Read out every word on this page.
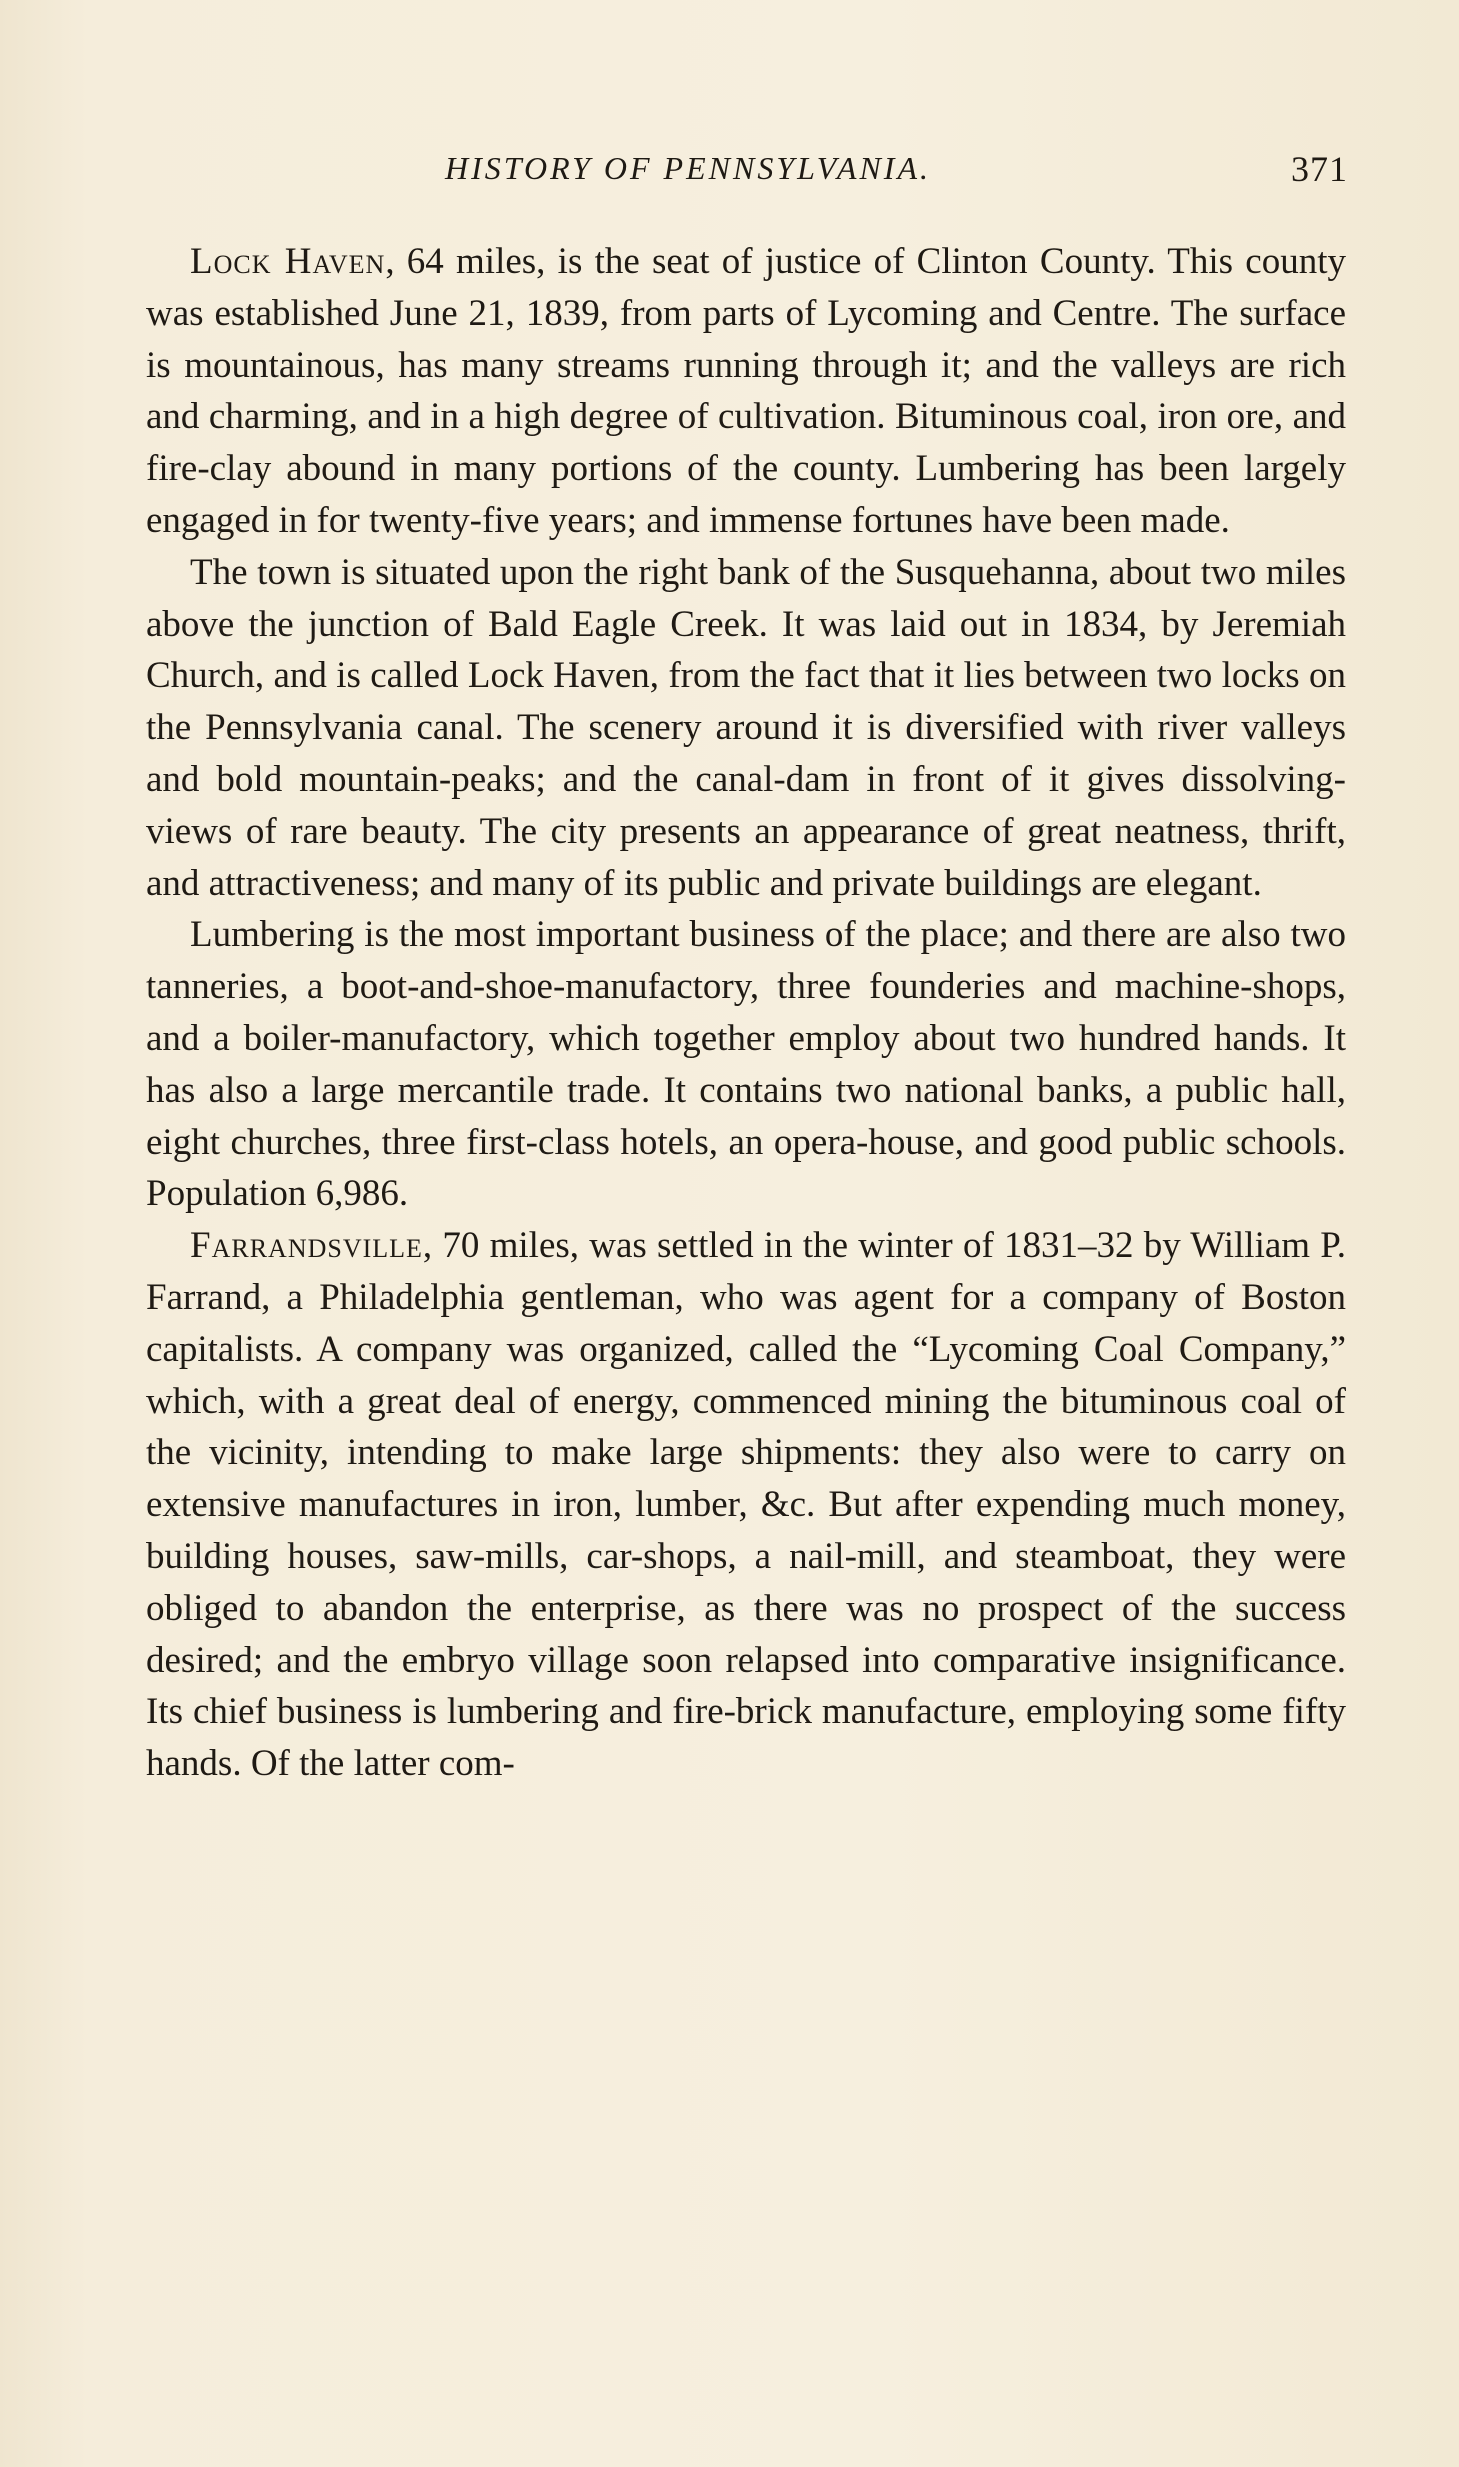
HISTORY OF PENNSYLVANIA.	371

Lock Haven, 64 miles, is the seat of justice of Clinton County. This county was established June 21, 1839, from parts of Lycoming and Centre. The surface is mountainous, has many streams running through it; and the valleys are rich and charming, and in a high degree of cultivation. Bituminous coal, iron ore, and fire-clay abound in many portions of the county. Lumbering has been largely engaged in for twenty-five years; and immense fortunes have been made.

The town is situated upon the right bank of the Susquehanna, about two miles above the junction of Bald Eagle Creek. It was laid out in 1834, by Jeremiah Church, and is called Lock Haven, from the fact that it lies between two locks on the Pennsylvania canal. The scenery around it is diversified with river valleys and bold mountain-peaks; and the canal-dam in front of it gives dissolving-views of rare beauty. The city presents an appearance of great neatness, thrift, and attractiveness; and many of its public and private buildings are elegant.

Lumbering is the most important business of the place; and there are also two tanneries, a boot-and-shoe-manufactory, three founderies and machine-shops, and a boiler-manufactory, which together employ about two hundred hands. It has also a large mercantile trade. It contains two national banks, a public hall, eight churches, three first-class hotels, an opera-house, and good public schools. Population 6,986.

Farrandsville, 70 miles, was settled in the winter of 1831–32 by William P. Farrand, a Philadelphia gentleman, who was agent for a company of Boston capitalists. A company was organized, called the “Lycoming Coal Company,” which, with a great deal of energy, commenced mining the bituminous coal of the vicinity, intending to make large shipments: they also were to carry on extensive manufactures in iron, lumber, &c. But after expending much money, building houses, saw-mills, car-shops, a nail-mill, and steamboat, they were obliged to abandon the enterprise, as there was no prospect of the success desired; and the embryo village soon relapsed into comparative insignificance. Its chief business is lumbering and fire-brick manufacture, employing some fifty hands. Of the latter com-
